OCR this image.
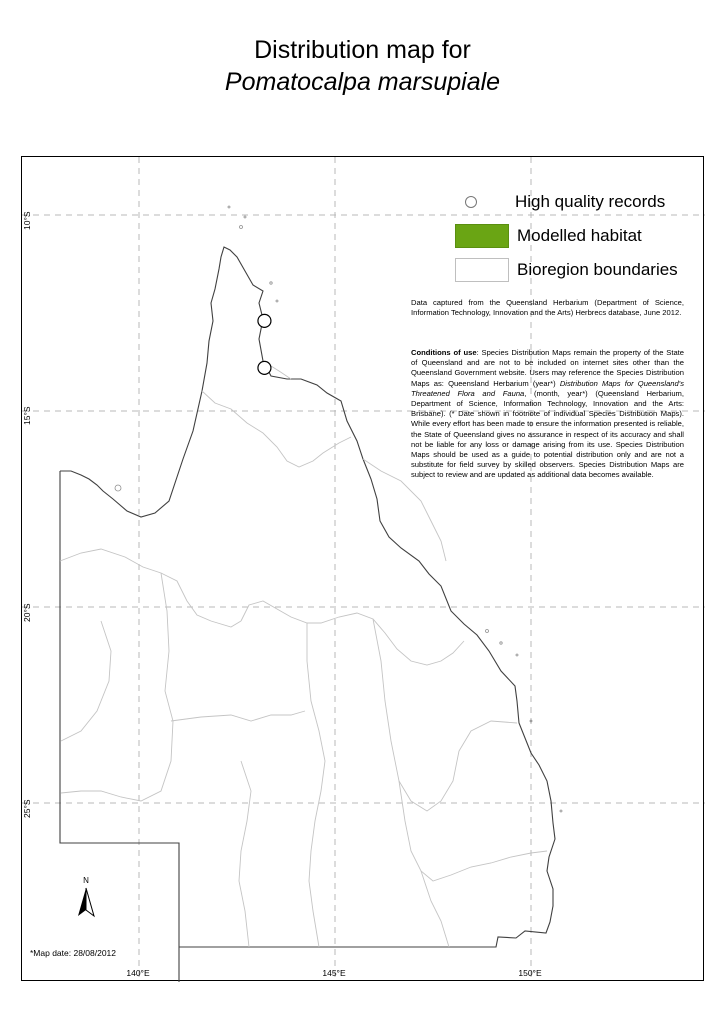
Distribution map for
Pomatocalpa marsupiale
High quality records
Modelled habitat
Bioregion boundaries
Data captured from the Queensland Herbarium (Department of Science, Information Technology, Innovation and the Arts) Herbrecs database, June 2012.
Conditions of use: Species Distribution Maps remain the property of the State of Queensland and are not to be included on internet sites other than the Queensland Government website. Users may reference the Species Distribution Maps as: Queensland Herbarium (year*) Distribution Maps for Queensland's Threatened Flora and Fauna, (month, year*) (Queensland Herbarium, Department of Science, Information Technology, Innovation and the Arts: Brisbane). (* Date shown in footnote of individual Species Distribution Maps). While every effort has been made to ensure the information presented is reliable, the State of Queensland gives no assurance in respect of its accuracy and shall not be liable for any loss or damage arising from its use. Species Distribution Maps should be used as a guide to potential distribution only and are not a substitute for field survey by skilled observers. Species Distribution Maps are subject to review and are updated as additional data becomes available.
N
*Map date: 28/08/2012
140°E	145°E	150°E
10°S
15°S
20°S
25°S
